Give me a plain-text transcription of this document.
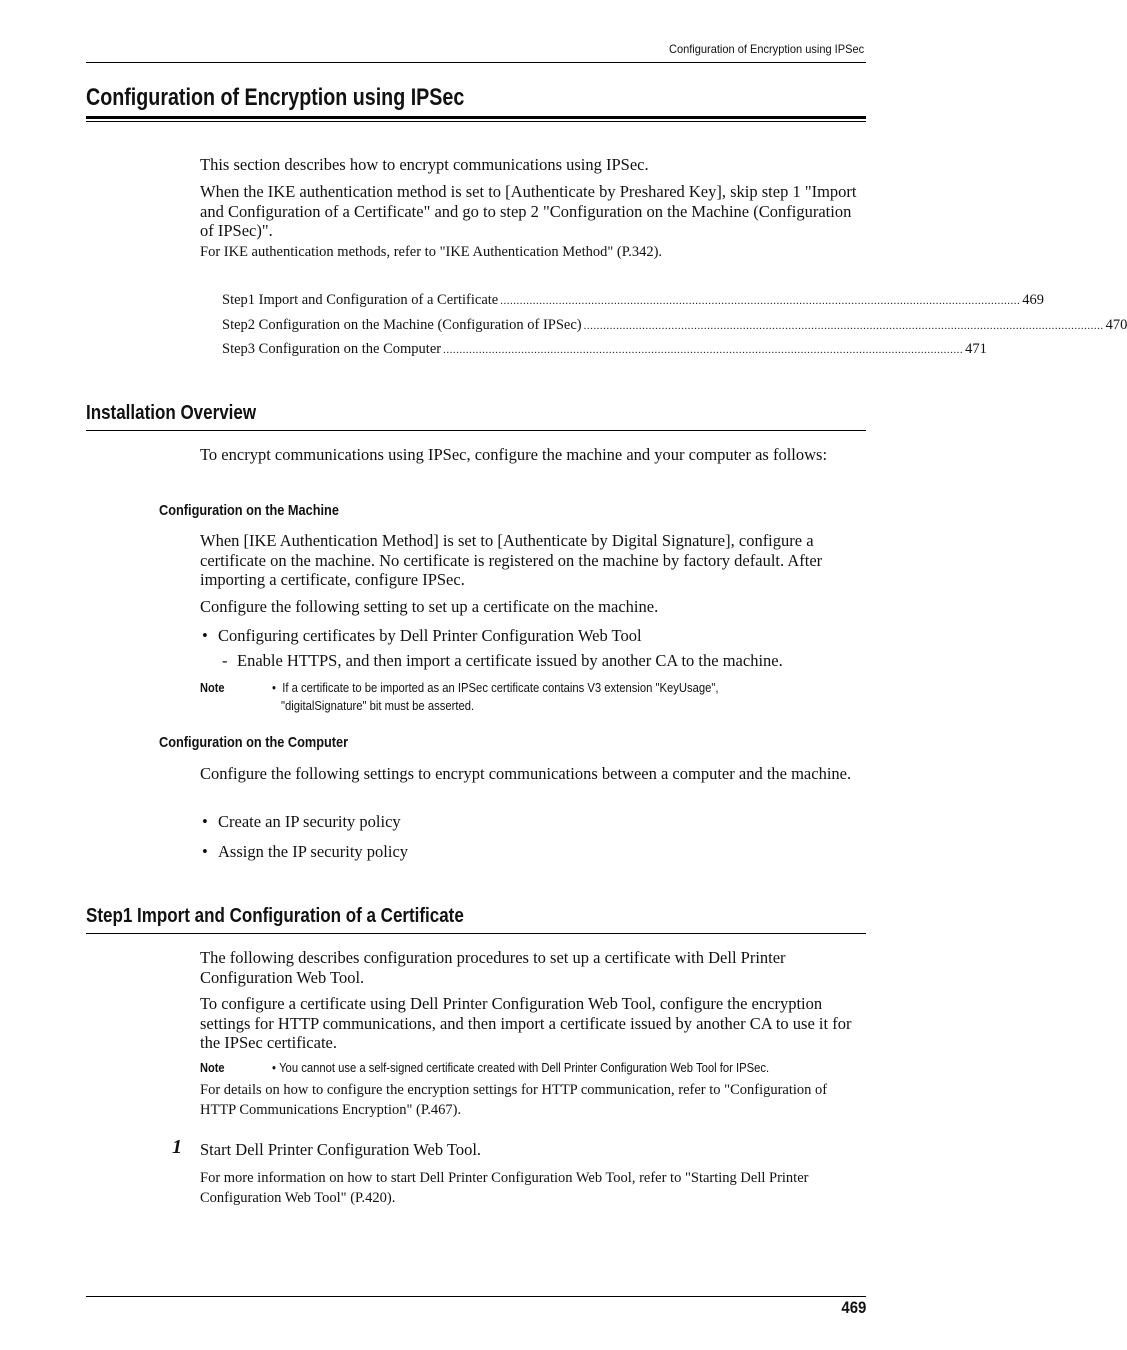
Configuration of Encryption using IPSec
Configuration of Encryption using IPSec
This section describes how to encrypt communications using IPSec.
When the IKE authentication method is set to [Authenticate by Preshared Key], skip step 1 "Import and Configuration of a Certificate" and go to step 2 "Configuration on the Machine (Configuration of IPSec)".
For IKE authentication methods, refer to "IKE Authentication Method" (P.342).
Step1 Import and Configuration of a Certificate ................................................................................................................................................................ 469
Step2 Configuration on the Machine (Configuration of IPSec) ................................................................................................................................................................ 470
Step3 Configuration on the Computer ................................................................................................................................................................ 471
Installation Overview
To encrypt communications using IPSec, configure the machine and your computer as follows:
Configuration on the Machine
When [IKE Authentication Method] is set to [Authenticate by Digital Signature], configure a certificate on the machine. No certificate is registered on the machine by factory default. After importing a certificate, configure IPSec.
Configure the following setting to set up a certificate on the machine.
• Configuring certificates by Dell Printer Configuration Web Tool
- Enable HTTPS, and then import a certificate issued by another CA to the machine.
Note	• If a certificate to be imported as an IPSec certificate contains V3 extension "KeyUsage",
"digitalSignature" bit must be asserted.
Configuration on the Computer
Configure the following settings to encrypt communications between a computer and the machine.
• Create an IP security policy
• Assign the IP security policy
Step1 Import and Configuration of a Certificate
The following describes configuration procedures to set up a certificate with Dell Printer Configuration Web Tool.
To configure a certificate using Dell Printer Configuration Web Tool, configure the encryption settings for HTTP communications, and then import a certificate issued by another CA to use it for the IPSec certificate.
Note	• You cannot use a self-signed certificate created with Dell Printer Configuration Web Tool for IPSec.
For details on how to configure the encryption settings for HTTP communication, refer to "Configuration of HTTP Communications Encryption" (P.467).
1 Start Dell Printer Configuration Web Tool.
For more information on how to start Dell Printer Configuration Web Tool, refer to "Starting Dell Printer Configuration Web Tool" (P.420).
469
